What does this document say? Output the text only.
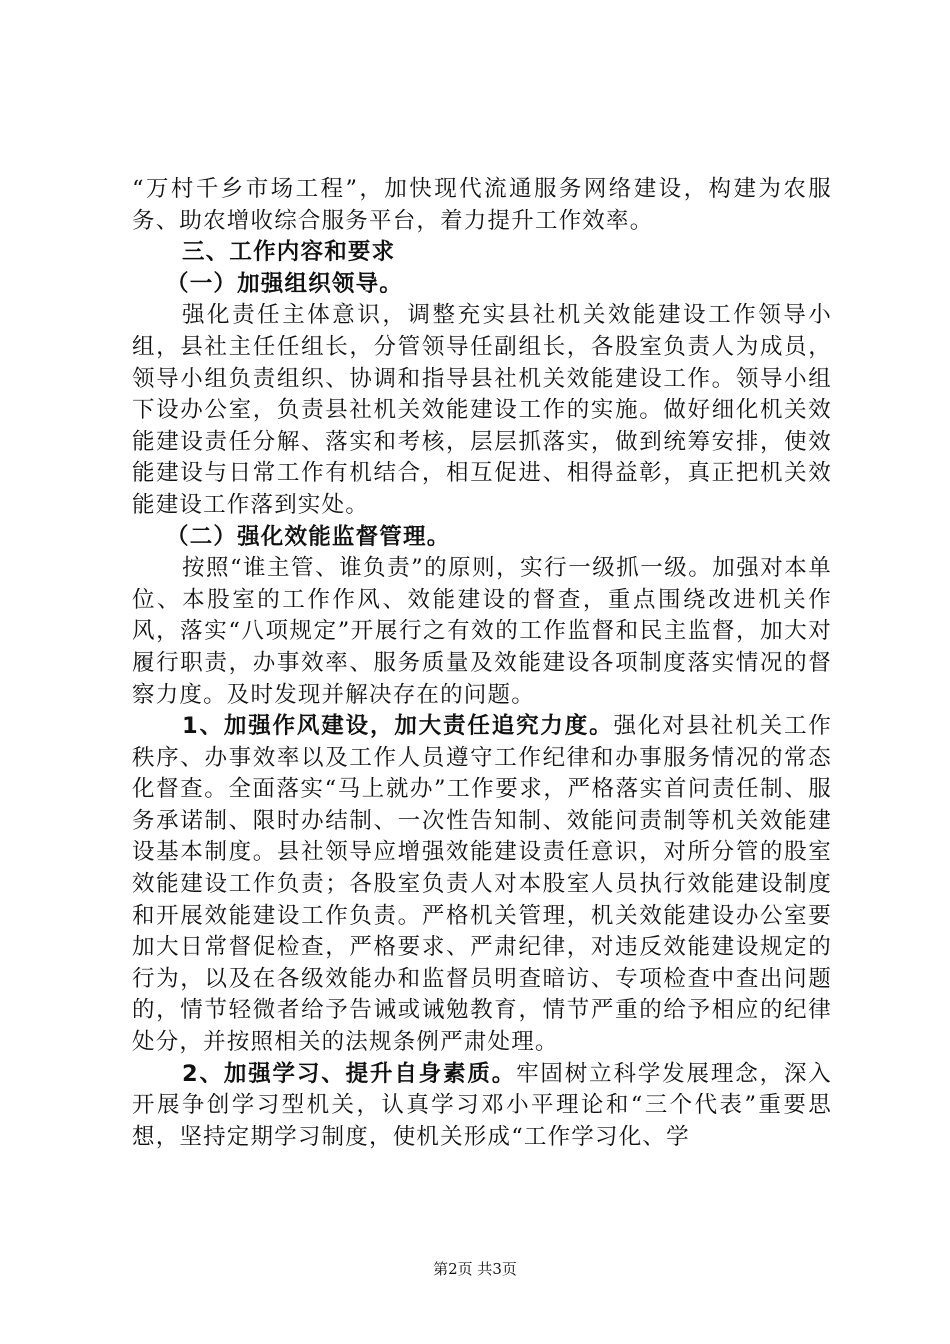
“万村千乡市场工程”，加快现代流通服务网络建设，构建为农服务、助农增收综合服务平台，着力提升工作效率。

三、工作内容和要求

（一）加强组织领导。

强化责任主体意识，调整充实县社机关效能建设工作领导小组，县社主任任组长，分管领导任副组长，各股室负责人为成员，领导小组负责组织、协调和指导县社机关效能建设工作。领导小组下设办公室，负责县社机关效能建设工作的实施。做好细化机关效能建设责任分解、落实和考核，层层抓落实，做到统筹安排，使效能建设与日常工作有机结合，相互促进、相得益彰，真正把机关效能建设工作落到实处。

（二）强化效能监督管理。

按照“谁主管、谁负责”的原则，实行一级抓一级。加强对本单位、本股室的工作作风、效能建设的督查，重点围绕改进机关作风，落实“八项规定”开展行之有效的工作监督和民主监督，加大对履行职责，办事效率、服务质量及效能建设各项制度落实情况的督察力度。及时发现并解决存在的问题。

1、加强作风建设，加大责任追究力度。强化对县社机关工作秩序、办事效率以及工作人员遵守工作纪律和办事服务情况的常态化督查。全面落实“马上就办”工作要求，严格落实首问责任制、服务承诺制、限时办结制、一次性告知制、效能问责制等机关效能建设基本制度。县社领导应增强效能建设责任意识，对所分管的股室效能建设工作负责；各股室负责人对本股室人员执行效能建设制度和开展效能建设工作负责。严格机关管理，机关效能建设办公室要加大日常督促检查，严格要求、严肃纪律，对违反效能建设规定的行为，以及在各级效能办和监督员明查暗访、专项检查中查出问题的，情节轻微者给予告诫或诫勉教育，情节严重的给予相应的纪律处分，并按照相关的法规条例严肃处理。

2、加强学习、提升自身素质。牢固树立科学发展理念，深入开展争创学习型机关，认真学习邓小平理论和“三个代表”重要思想，坚持定期学习制度，使机关形成“工作学习化、学

第2页 共3页
